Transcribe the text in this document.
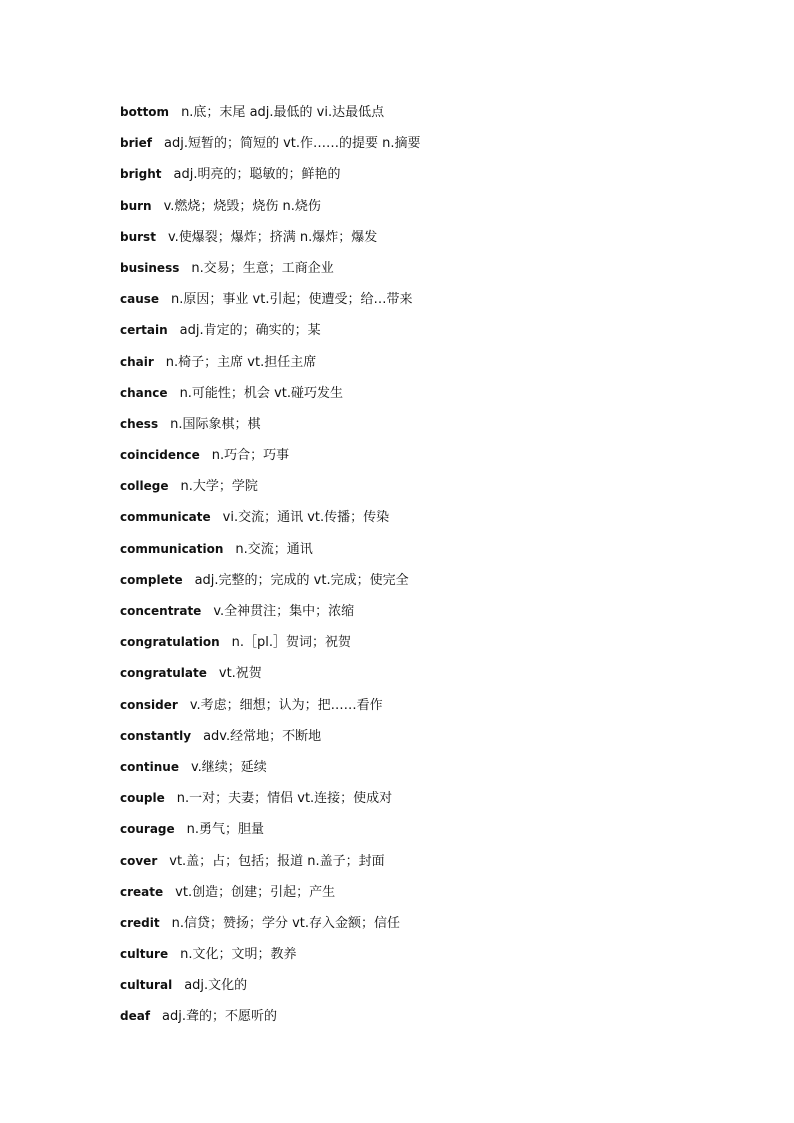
bottom n.底；末尾 adj.最低的 vi.达最低点
brief adj.短暂的；简短的 vt.作……的提要 n.摘要
bright adj.明亮的；聪敏的；鲜艳的
burn v.燃烧；烧毁；烧伤 n.烧伤
burst v.使爆裂；爆炸；挤满 n.爆炸；爆发
business n.交易；生意；工商企业
cause n.原因；事业 vt.引起；使遭受；给…带来
certain adj.肯定的；确实的；某
chair n.椅子；主席 vt.担任主席
chance n.可能性；机会 vt.碰巧发生
chess n.国际象棋；棋
coincidence n.巧合；巧事
college n.大学；学院
communicate vi.交流；通讯 vt.传播；传染
communication n.交流；通讯
complete adj.完整的；完成的 vt.完成；使完全
concentrate v.全神贯注；集中；浓缩
congratulation n.［pl.］贺词；祝贺
congratulate vt.祝贺
consider v.考虑；细想；认为；把……看作
constantly adv.经常地；不断地
continue v.继续；延续
couple n.一对；夫妻；情侣 vt.连接；使成对
courage n.勇气；胆量
cover vt.盖；占；包括；报道 n.盖子；封面
create vt.创造；创建；引起；产生
credit n.信贷；赞扬；学分 vt.存入金额；信任
culture n.文化；文明；教养
cultural adj.文化的
deaf adj.聋的；不愿听的
